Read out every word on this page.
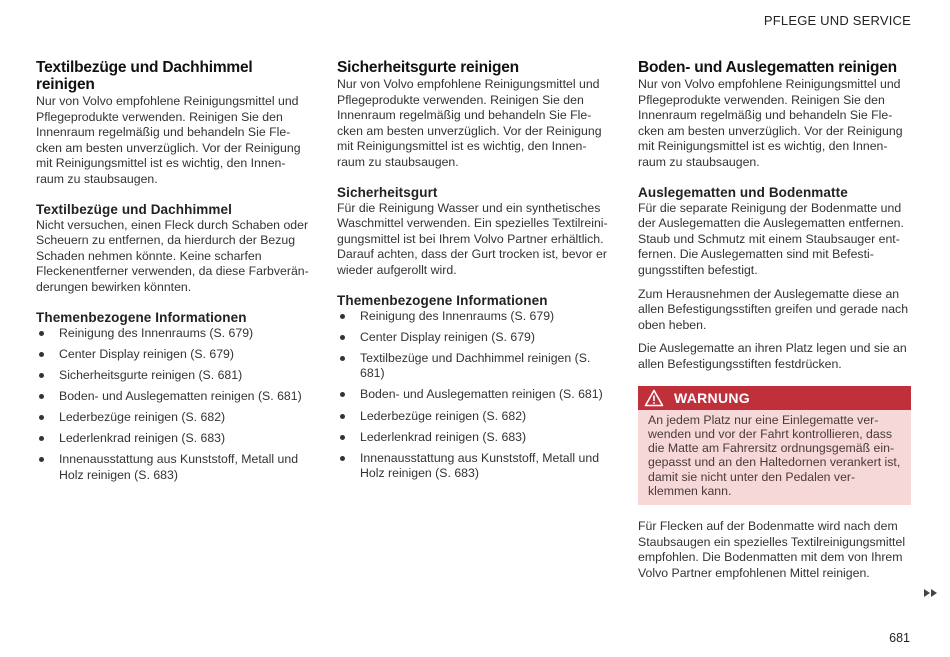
PFLEGE UND SERVICE
Textilbezüge und Dachhimmel reinigen

Nur von Volvo empfohlene Reinigungsmittel und Pflegeprodukte verwenden. Reinigen Sie den Innenraum regelmäßig und behandeln Sie Fle-cken am besten unverzüglich. Vor der Reinigung mit Reinigungsmittel ist es wichtig, den Innen-raum zu staubsaugen.

Textilbezüge und Dachhimmel

Nicht versuchen, einen Fleck durch Schaben oder Scheuern zu entfernen, da hierdurch der Bezug Schaden nehmen könnte. Keine scharfen Fleckenentferner verwenden, da diese Farbverän-derungen bewirken könnten.

Themenbezogene Informationen
Reinigung des Innenraums (S. 679)
Center Display reinigen (S. 679)
Sicherheitsgurte reinigen (S. 681)
Boden- und Auslegematten reinigen (S. 681)
Lederbezüge reinigen (S. 682)
Lederlenkrad reinigen (S. 683)
Innenausstattung aus Kunststoff, Metall und Holz reinigen (S. 683)
Sicherheitsgurte reinigen

Nur von Volvo empfohlene Reinigungsmittel und Pflegeprodukte verwenden. Reinigen Sie den Innenraum regelmäßig und behandeln Sie Fle-cken am besten unverzüglich. Vor der Reinigung mit Reinigungsmittel ist es wichtig, den Innen-raum zu staubsaugen.

Sicherheitsgurt

Für die Reinigung Wasser und ein synthetisches Waschmittel verwenden. Ein spezielles Textilreini-gungsmittel ist bei Ihrem Volvo Partner erhältlich. Darauf achten, dass der Gurt trocken ist, bevor er wieder aufgerollt wird.

Themenbezogene Informationen
Reinigung des Innenraums (S. 679)
Center Display reinigen (S. 679)
Textilbezüge und Dachhimmel reinigen (S. 681)
Boden- und Auslegematten reinigen (S. 681)
Lederbezüge reinigen (S. 682)
Lederlenkrad reinigen (S. 683)
Innenausstattung aus Kunststoff, Metall und Holz reinigen (S. 683)
Boden- und Auslegematten reinigen

Nur von Volvo empfohlene Reinigungsmittel und Pflegeprodukte verwenden. Reinigen Sie den Innenraum regelmäßig und behandeln Sie Fle-cken am besten unverzüglich. Vor der Reinigung mit Reinigungsmittel ist es wichtig, den Innen-raum zu staubsaugen.

Auslegematten und Bodenmatte

Für die separate Reinigung der Bodenmatte und der Auslegematten die Auslegematten entfernen. Staub und Schmutz mit einem Staubsauger ent-fernen. Die Auslegematten sind mit Befesti-gungsstiften befestigt.

Zum Herausnehmen der Auslegematte diese an allen Befestigungsstiften greifen und gerade nach oben heben.

Die Auslegematte an ihren Platz legen und sie an allen Befestigungsstiften festdrücken.

WARNUNG
An jedem Platz nur eine Einlegematte ver-wenden und vor der Fahrt kontrollieren, dass die Matte am Fahrersitz ordnungsgemäß ein-gepasst und an den Haltedornen verankert ist, damit sie nicht unter den Pedalen ver-klemmen kann.

Für Flecken auf der Bodenmatte wird nach dem Staubsaugen ein spezielles Textilreinigungsmittel empfohlen. Die Bodenmatten mit dem von Ihrem Volvo Partner empfohlenen Mittel reinigen.

681
